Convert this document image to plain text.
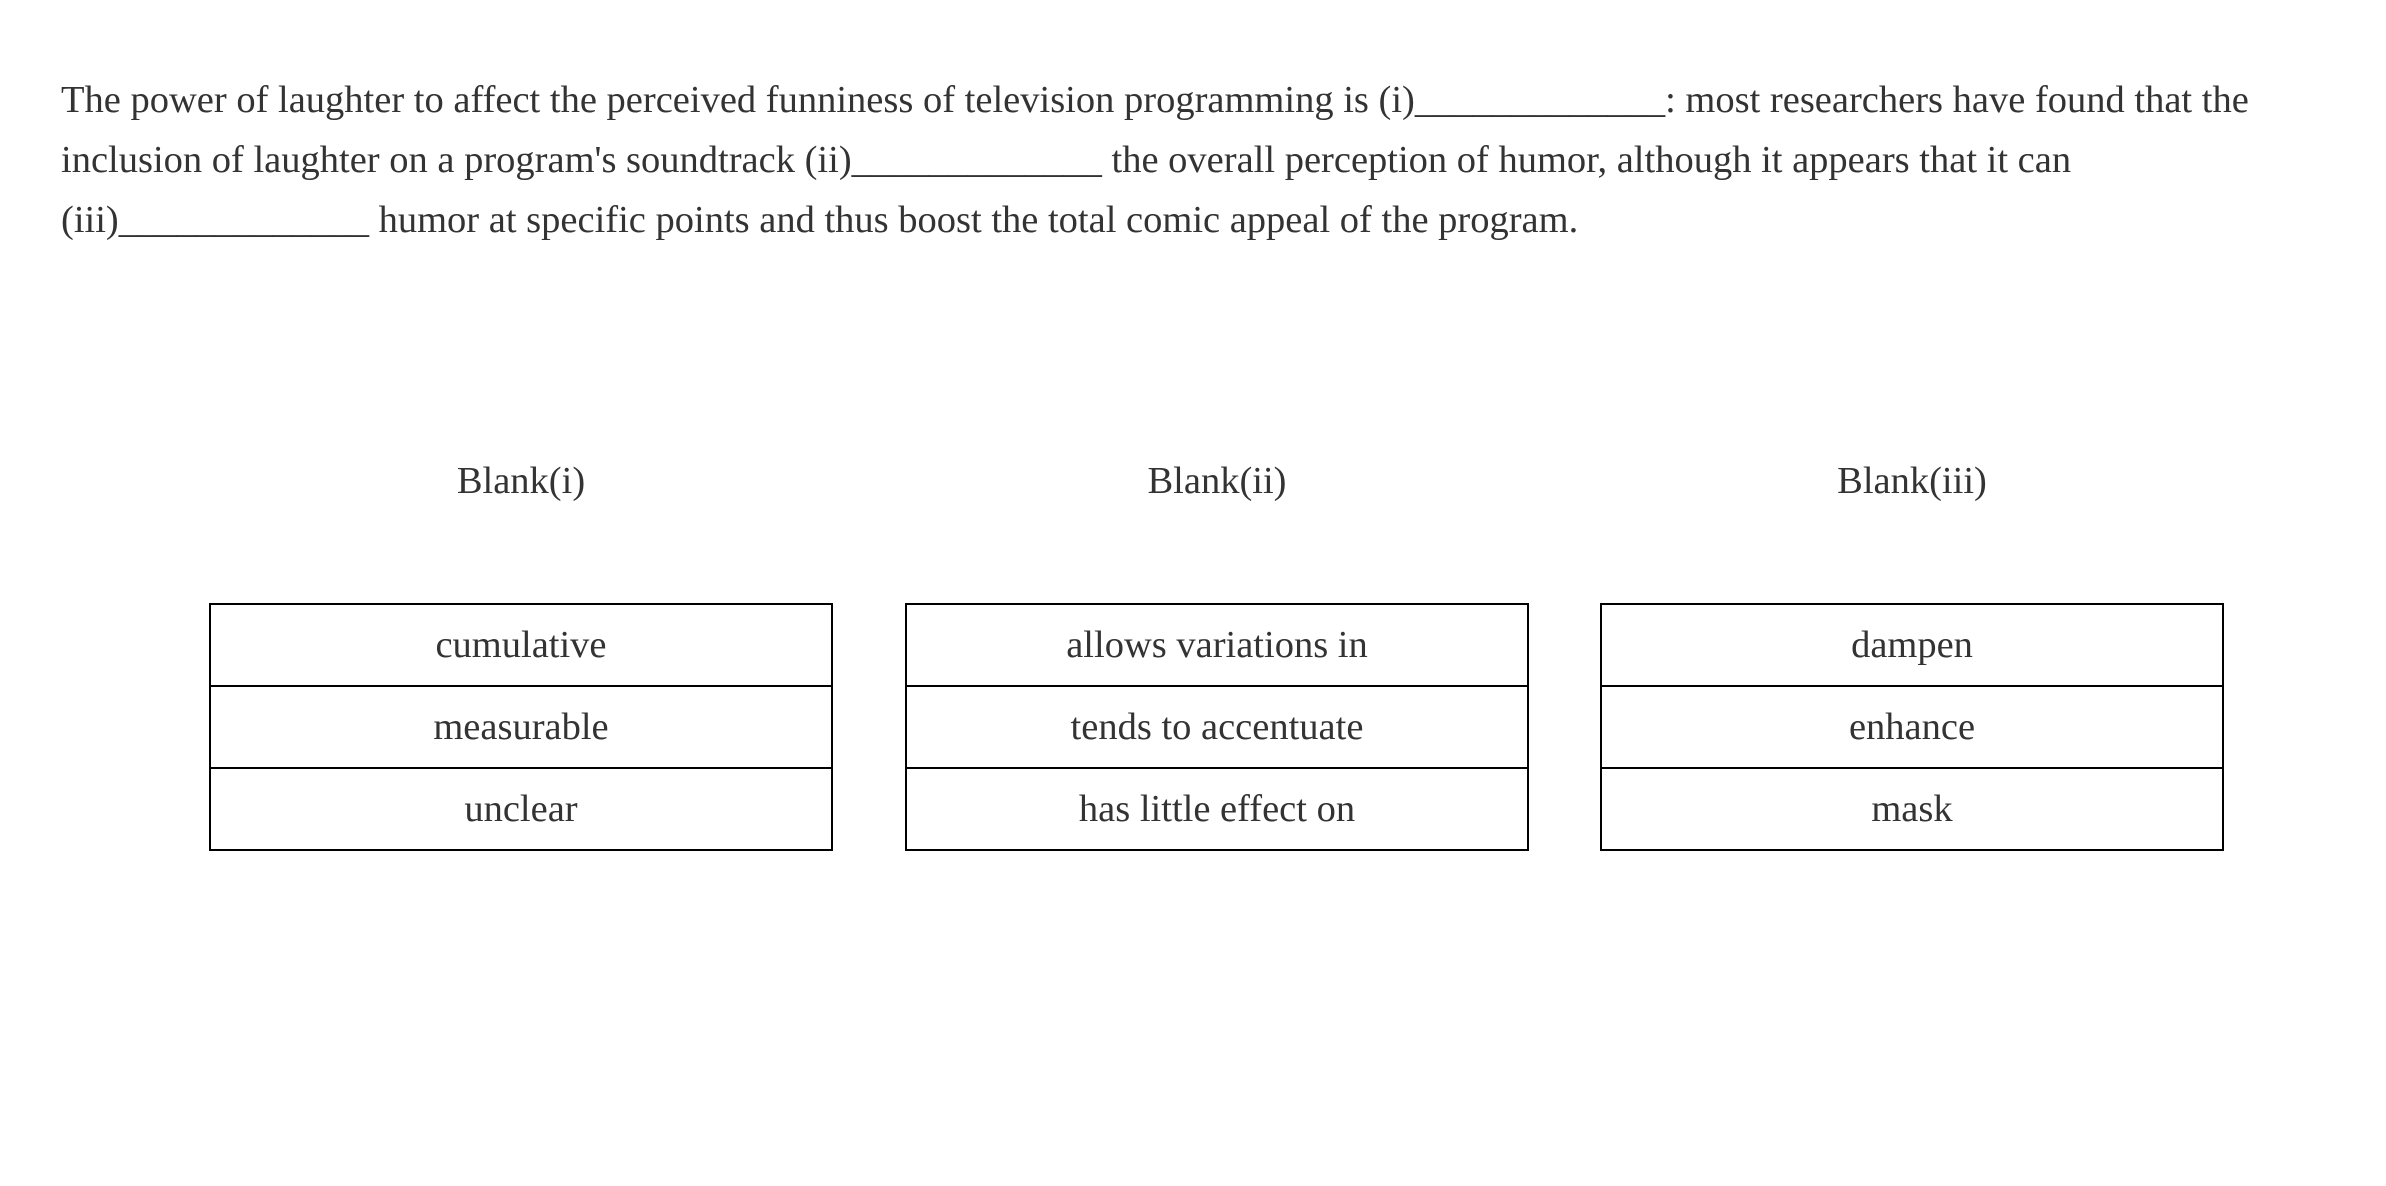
The power of laughter to affect the perceived funniness of television programming is (i)_____________: most researchers have found that the inclusion of laughter on a program's soundtrack (ii)_____________ the overall perception of humor, although it appears that it can (iii)_____________ humor at specific points and thus boost the total comic appeal of the program.

Blank(i)
cumulative
measurable
unclear
Blank(ii)
allows variations in
tends to accentuate
has little effect on
Blank(iii)
dampen
enhance
mask
